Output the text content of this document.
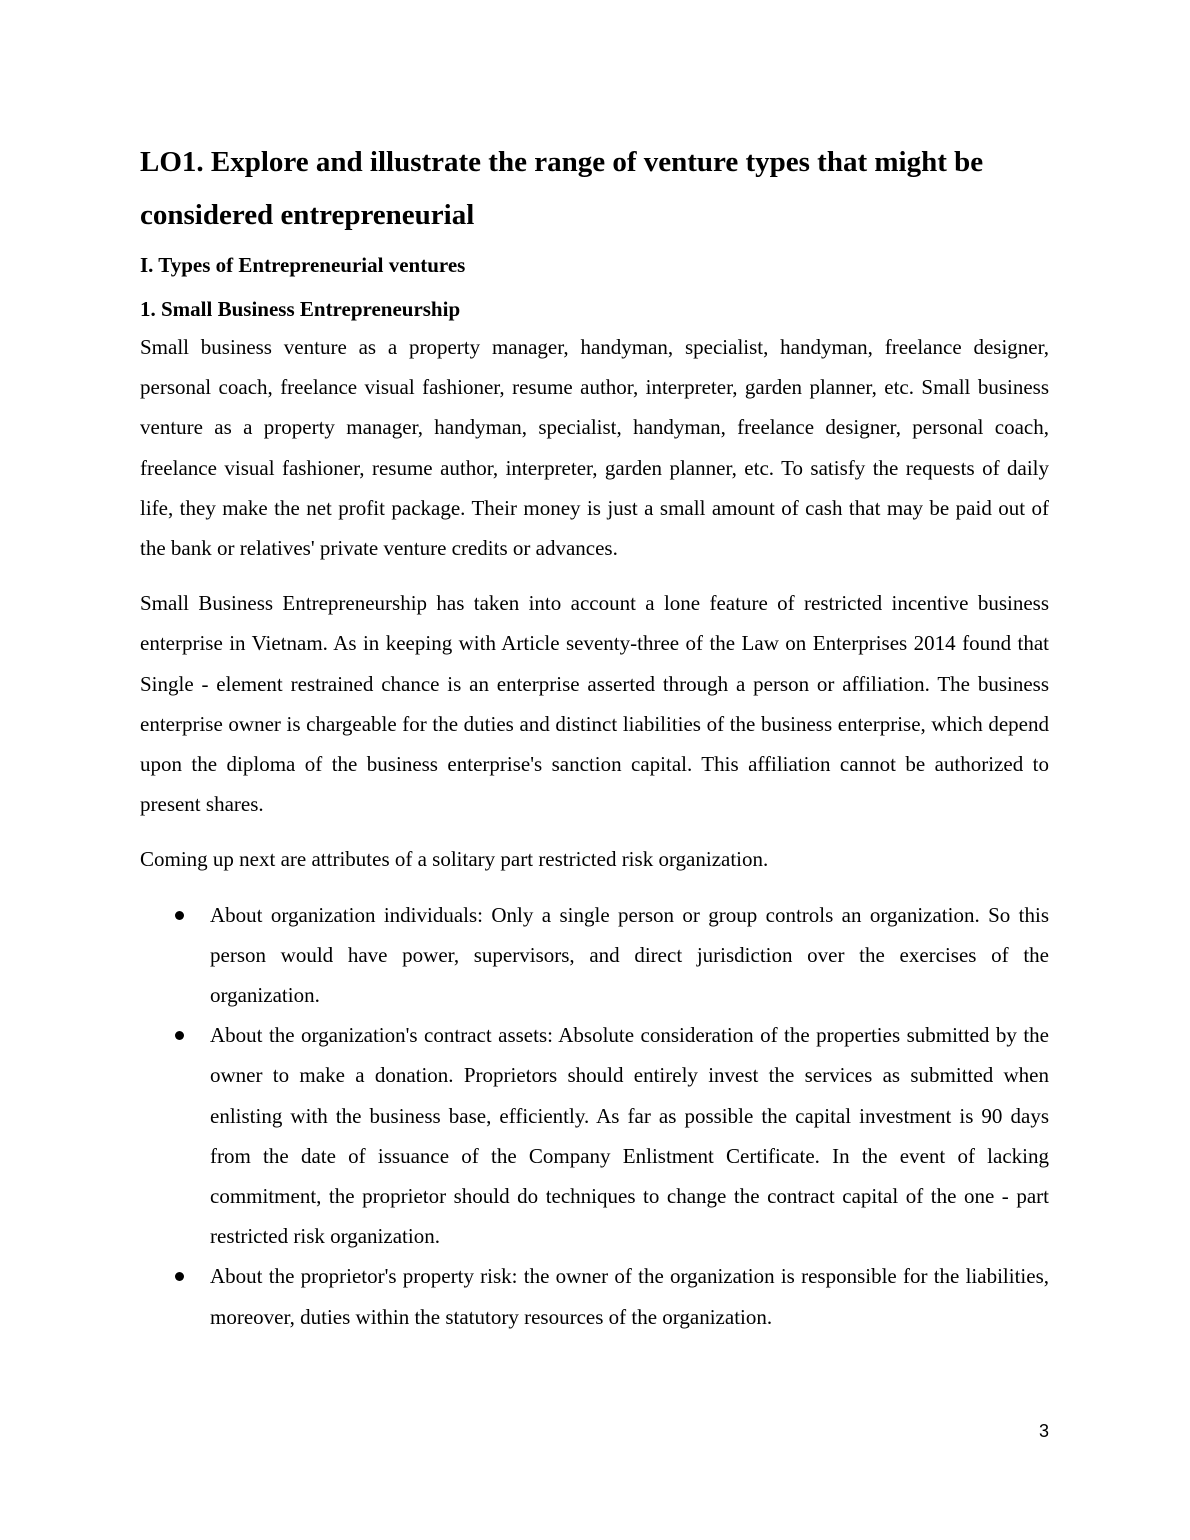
LO1. Explore and illustrate the range of venture types that might be considered entrepreneurial
I. Types of Entrepreneurial ventures
1. Small Business Entrepreneurship

Small business venture as a property manager, handyman, specialist, handyman, freelance designer, personal coach, freelance visual fashioner, resume author, interpreter, garden planner, etc. Small business venture as a property manager, handyman, specialist, handyman, freelance designer, personal coach, freelance visual fashioner, resume author, interpreter, garden planner, etc. To satisfy the requests of daily life, they make the net profit package. Their money is just a small amount of cash that may be paid out of the bank or relatives' private venture credits or advances.

Small Business Entrepreneurship has taken into account a lone feature of restricted incentive business enterprise in Vietnam. As in keeping with Article seventy-three of the Law on Enterprises 2014 found that Single - element restrained chance is an enterprise asserted through a person or affiliation. The business enterprise owner is chargeable for the duties and distinct liabilities of the business enterprise, which depend upon the diploma of the business enterprise's sanction capital. This affiliation cannot be authorized to present shares.

Coming up next are attributes of a solitary part restricted risk organization.

About organization individuals: Only a single person or group controls an organization. So this person would have power, supervisors, and direct jurisdiction over the exercises of the organization.
About the organization's contract assets: Absolute consideration of the properties submitted by the owner to make a donation. Proprietors should entirely invest the services as submitted when enlisting with the business base, efficiently. As far as possible the capital investment is 90 days from the date of issuance of the Company Enlistment Certificate. In the event of lacking commitment, the proprietor should do techniques to change the contract capital of the one - part restricted risk organization.
About the proprietor's property risk: the owner of the organization is responsible for the liabilities, moreover, duties within the statutory resources of the organization.
3
